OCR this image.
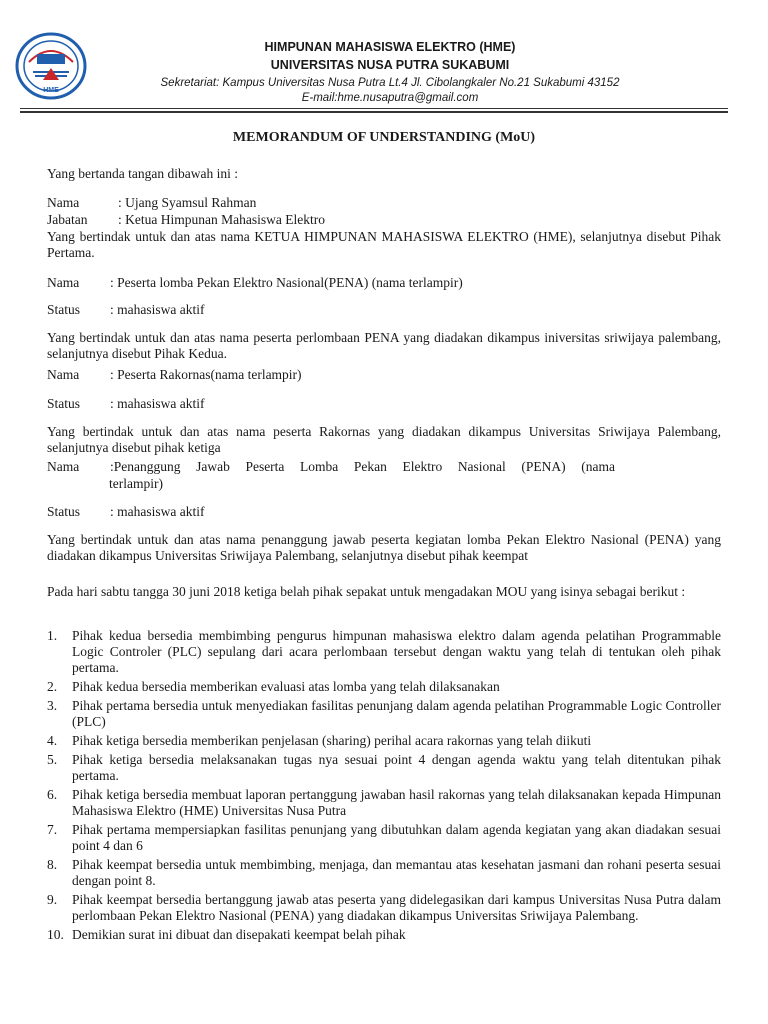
HME
HIMPUNAN MAHASISWA ELEKTRO (HME)
UNIVERSITAS NUSA PUTRA SUKABUMI
Sekretariat: Kampus Universitas Nusa Putra Lt.4 Jl. Cibolangkaler No.21 Sukabumi 43152
E-mail:hme.nusaputra@gmail.com
MEMORANDUM OF UNDERSTANDING (MoU)
Yang bertanda tangan dibawah ini :
Nama	: Ujang Syamsul Rahman
Jabatan : Ketua Himpunan Mahasiswa Elektro
Yang bertindak untuk dan atas nama KETUA HIMPUNAN MAHASISWA ELEKTRO (HME), selanjutnya disebut Pihak Pertama.
Nama : Peserta lomba Pekan Elektro Nasional(PENA) (nama terlampir)
Status : mahasiswa aktif
Yang bertindak untuk dan atas nama peserta perlombaan PENA yang diadakan dikampus iniversitas sriwijaya palembang, selanjutnya disebut Pihak Kedua.
Nama : Peserta Rakornas(nama terlampir)
Status : mahasiswa aktif
Yang bertindak untuk dan atas nama peserta Rakornas yang diadakan dikampus Universitas Sriwijaya Palembang, selanjutnya disebut pihak ketiga
Nama :Penanggung Jawab Peserta Lomba Pekan Elektro Nasional (PENA) (nama
terlampir)
Status : mahasiswa aktif
Yang bertindak untuk dan atas nama penanggung jawab peserta kegiatan lomba Pekan Elektro Nasional (PENA) yang diadakan dikampus Universitas Sriwijaya Palembang, selanjutnya disebut pihak keempat
Pada hari sabtu tangga 30 juni 2018 ketiga belah pihak sepakat untuk mengadakan MOU yang isinya sebagai berikut :
1. Pihak kedua bersedia membimbing pengurus himpunan mahasiswa elektro dalam agenda pelatihan Programmable Logic Controler (PLC) sepulang dari acara perlombaan tersebut dengan waktu yang telah di tentukan oleh pihak pertama.
2. Pihak kedua bersedia memberikan evaluasi atas lomba yang telah dilaksanakan
3. Pihak pertama bersedia untuk menyediakan fasilitas penunjang dalam agenda pelatihan Programmable Logic Controller (PLC)
4. Pihak ketiga bersedia memberikan penjelasan (sharing) perihal acara rakornas yang telah diikuti
5. Pihak ketiga bersedia melaksanakan tugas nya sesuai point 4 dengan agenda waktu yang telah ditentukan pihak pertama.
6. Pihak ketiga bersedia membuat laporan pertanggung jawaban hasil rakornas yang telah dilaksanakan kepada Himpunan Mahasiswa Elektro (HME) Universitas Nusa Putra
7. Pihak pertama mempersiapkan fasilitas penunjang yang dibutuhkan dalam agenda kegiatan yang akan diadakan sesuai point 4 dan 6
8. Pihak keempat bersedia untuk membimbing, menjaga, dan memantau atas kesehatan jasmani dan rohani peserta sesuai dengan point 8.
9. Pihak keempat bersedia bertanggung jawab atas peserta yang didelegasikan dari kampus Universitas Nusa Putra dalam perlombaan Pekan Elektro Nasional (PENA) yang diadakan dikampus Universitas Sriwijaya Palembang.
10. Demikian surat ini dibuat dan disepakati keempat belah pihak
